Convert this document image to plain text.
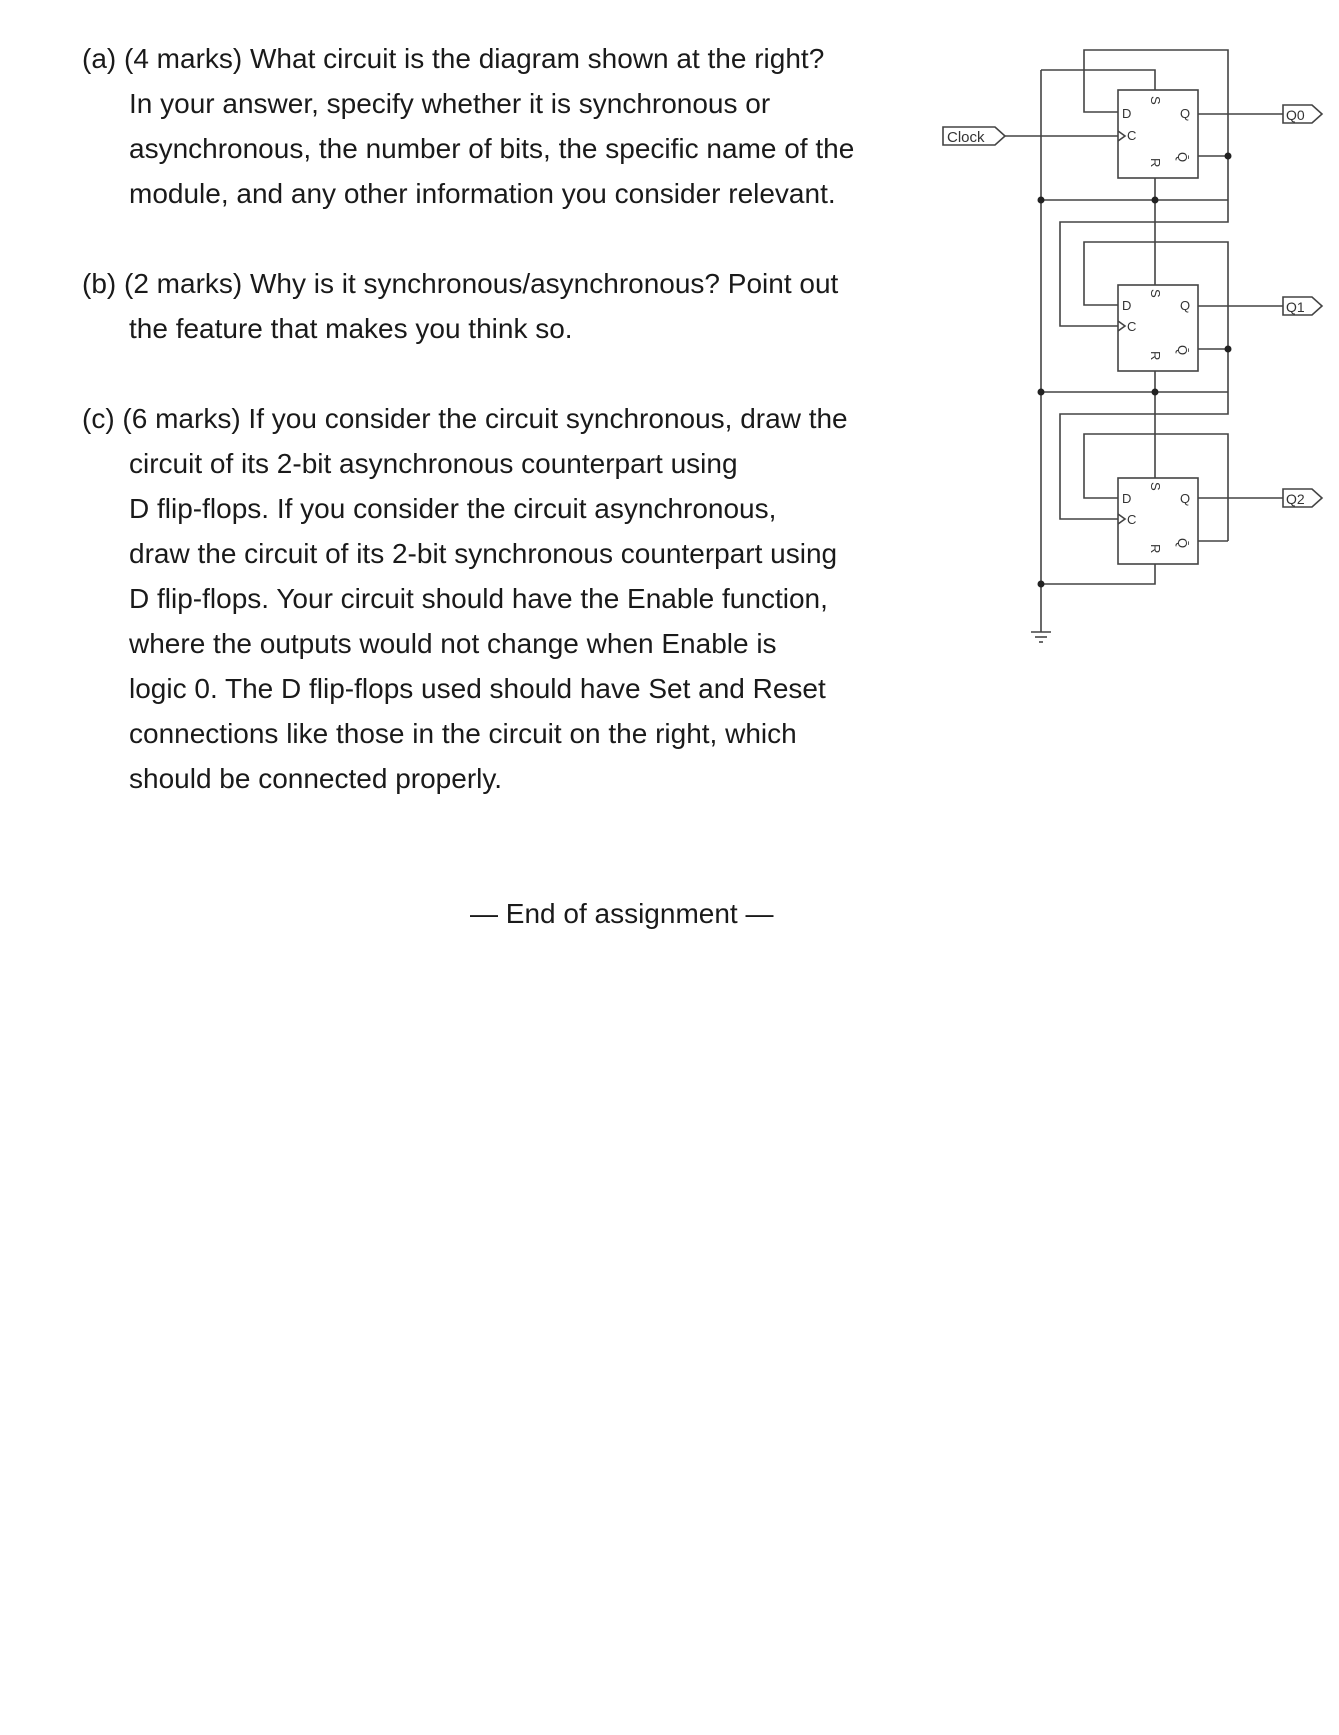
(a) (4 marks) What circuit is the diagram shown at the right?
In your answer, specify whether it is synchronous or
asynchronous, the number of bits, the specific name of the
module, and any other information you consider relevant.
(b) (2 marks) Why is it synchronous/asynchronous? Point out
the feature that makes you think so.
(c) (6 marks) If you consider the circuit synchronous, draw the
circuit of its 2-bit asynchronous counterpart using
D flip-flops. If you consider the circuit asynchronous,
draw the circuit of its 2-bit synchronous counterpart using
D flip-flops. Your circuit should have the Enable function,
where the outputs would not change when Enable is
logic 0. The D flip-flops used should have Set and Reset
connections like those in the circuit on the right, which
should be connected properly.
— End of assignment —
Clock
Q0
Q1
Q2
D
C
S
R
Q
Q̄
D
C
S
R
Q
Q̄
D
C
S
R
Q
Q̄
